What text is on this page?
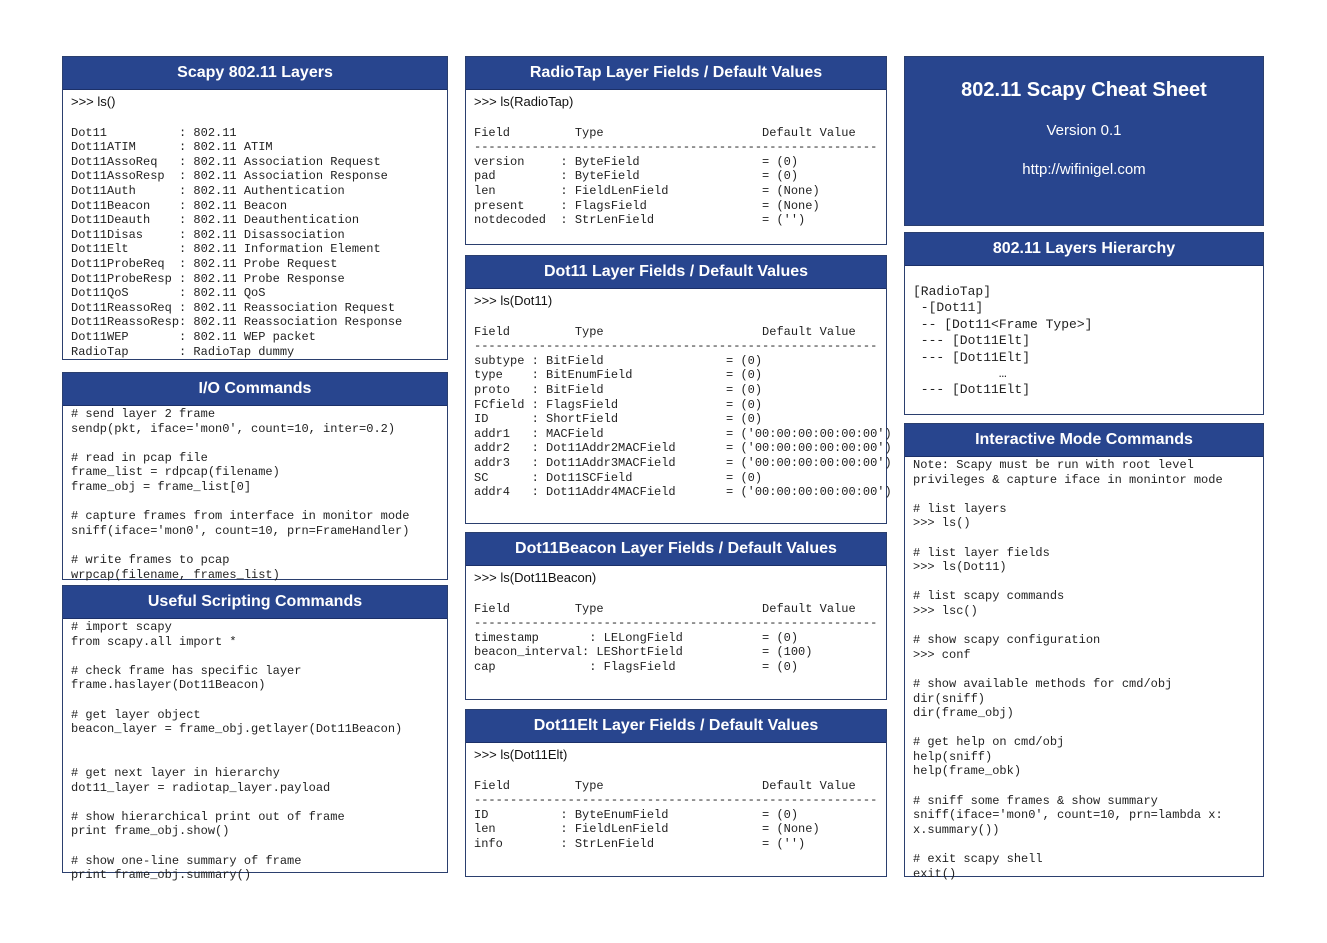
Scapy 802.11 Layers
>>> ls()

Dot11          : 802.11
Dot11ATIM      : 802.11 ATIM
Dot11AssoReq   : 802.11 Association Request
Dot11AssoResp  : 802.11 Association Response
Dot11Auth      : 802.11 Authentication
Dot11Beacon    : 802.11 Beacon
Dot11Deauth    : 802.11 Deauthentication
Dot11Disas     : 802.11 Disassociation
Dot11Elt       : 802.11 Information Element
Dot11ProbeReq  : 802.11 Probe Request
Dot11ProbeResp : 802.11 Probe Response
Dot11QoS       : 802.11 QoS
Dot11ReassoReq : 802.11 Reassociation Request
Dot11ReassoResp: 802.11 Reassociation Response
Dot11WEP       : 802.11 WEP packet
RadioTap       : RadioTap dummy
I/O Commands
# send layer 2 frame
sendp(pkt, iface='mon0', count=10, inter=0.2)

# read in pcap file
frame_list = rdpcap(filename)
frame_obj = frame_list[0]

# capture frames from interface in monitor mode
sniff(iface='mon0', count=10, prn=FrameHandler)

# write frames to pcap
wrpcap(filename, frames_list)
Useful Scripting Commands
# import scapy
from scapy.all import *

# check frame has specific layer
frame.haslayer(Dot11Beacon)

# get layer object
beacon_layer = frame_obj.getlayer(Dot11Beacon)

# get next layer in hierarchy
dot11_layer = radiotap_layer.payload

# show hierarchical print out of frame
print frame_obj.show()

# show one-line summary of frame
print frame_obj.summary()
RadioTap Layer Fields / Default Values
>>> ls(RadioTap)

Field         Type                      Default Value
--------------------------------------------------------
version     : ByteField                 = (0)
pad         : ByteField                 = (0)
len         : FieldLenField             = (None)
present     : FlagsField                = (None)
notdecoded  : StrLenField               = ('')
Dot11 Layer Fields / Default Values
>>> ls(Dot11)

Field         Type                      Default Value
--------------------------------------------------------
subtype : BitField                 = (0)
type    : BitEnumField             = (0)
proto   : BitField                 = (0)
FCfield : FlagsField               = (0)
ID      : ShortField               = (0)
addr1   : MACField                 = ('00:00:00:00:00:00')
addr2   : Dot11Addr2MACField       = ('00:00:00:00:00:00')
addr3   : Dot11Addr3MACField       = ('00:00:00:00:00:00')
SC      : Dot11SCField             = (0)
addr4   : Dot11Addr4MACField       = ('00:00:00:00:00:00')
Dot11Beacon Layer Fields / Default Values
>>> ls(Dot11Beacon)

Field         Type                      Default Value
--------------------------------------------------------
timestamp       : LELongField           = (0)
beacon_interval: LEShortField           = (100)
cap             : FlagsField            = (0)
Dot11Elt Layer Fields / Default Values
>>> ls(Dot11Elt)

Field         Type                      Default Value
--------------------------------------------------------
ID          : ByteEnumField             = (0)
len         : FieldLenField             = (None)
info        : StrLenField               = ('')
802.11 Scapy Cheat Sheet
Version 0.1
http://wifinigel.com
802.11 Layers Hierarchy
[RadioTap]
-[Dot11]
-- [Dot11<Frame Type>]
--- [Dot11Elt]
--- [Dot11Elt]
…
--- [Dot11Elt]
Interactive Mode Commands
Note: Scapy must be run with root level
privileges & capture iface in monintor mode

# list layers
>>> ls()

# list layer fields
>>> ls(Dot11)

# list scapy commands
>>> lsc()

# show scapy configuration
>>> conf

# show available methods for cmd/obj
dir(sniff)
dir(frame_obj)

# get help on cmd/obj
help(sniff)
help(frame_obk)

# sniff some frames & show summary
sniff(iface='mon0', count=10, prn=lambda x:
x.summary())

# exit scapy shell
exit()
